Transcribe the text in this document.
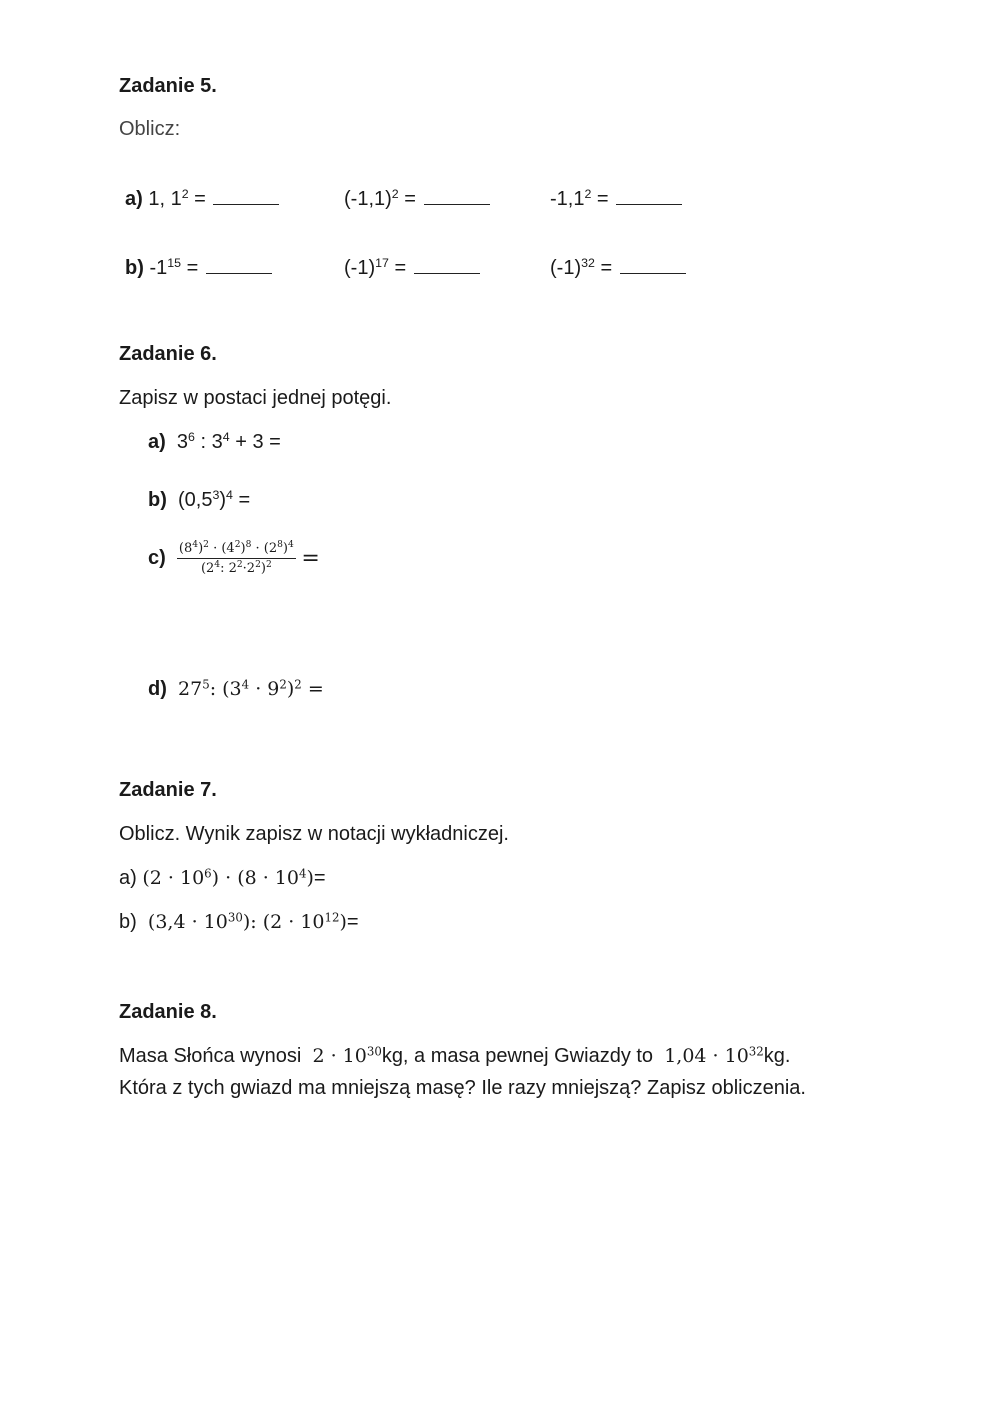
Zadanie 5.
Oblicz:
a) 1, $1^2$ =	$(-1,1)^2$ =	$-1,1^2$ =
b) $-1^{15}$ =	$(-1)^{17}$ =	$(-1)^{32}$ =
Zadanie 6.
Zapisz w postaci jednej potęgi.
a)  $3^6$ : $3^4 + 3$ =
b)  $(0,5^3)^4$ =
$c) \frac{(8^4)^2 \cdot (4^2)^8 \cdot (2^8)^4}{(2^4: 2^2\cdot 2^2)^2}$ =
d) $27^5$: $(3^4 \cdot 9^2)^2$ =
Zadanie 7.
Oblicz. Wynik zapisz w notacji wykładniczej.
a) $(2 \cdot 10^6) \cdot (8 \cdot 10^4)=$
b) $(3,4 \cdot 10^{30})$: $(2 \cdot 10^{12})=$
Zadanie 8.
Masa Słońca wynosi $2 \cdot 10^{30}kg$, a masa pewnej Gwiazdy to $1,04 \cdot 10^{32}kg$.
Która z tych gwiazd ma mniejszą masę? Ile razy mniejszą? Zapisz obliczenia.
